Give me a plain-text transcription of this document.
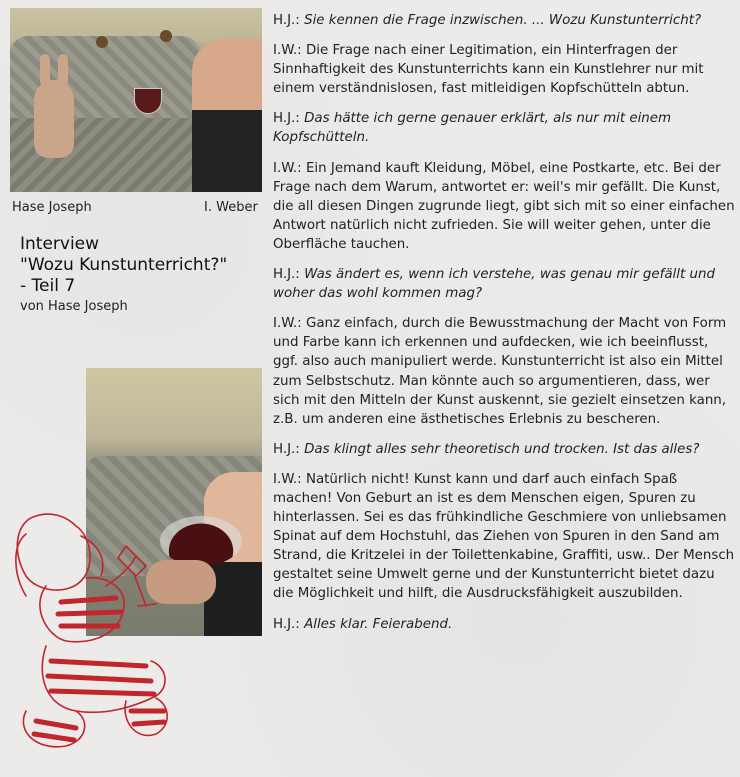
Hase Joseph	I. Weber
Interview
"Wozu Kunstunterricht?"
- Teil 7
von Hase Joseph

H.J.: Sie kennen die Frage inzwischen. ... Wozu Kunstunterricht?

I.W.: Die Frage nach einer Legitimation, ein Hinterfragen der Sinnhaftigkeit des Kunstunterrichts kann ein Kunstlehrer nur mit einem verständnislosen, fast mitleidigen Kopfschütteln abtun.

H.J.: Das hätte ich gerne genauer erklärt, als nur mit einem Kopfschütteln.

I.W.: Ein Jemand kauft Kleidung, Möbel, eine Postkarte, etc. Bei der Frage nach dem Warum, antwortet er: weil's mir gefällt. Die Kunst, die all diesen Dingen zugrunde liegt, gibt sich mit so einer einfachen Antwort natürlich nicht zufrieden. Sie will weiter gehen, unter die Oberfläche tauchen.

H.J.: Was ändert es, wenn ich verstehe, was genau mir gefällt und woher das wohl kommen mag?

I.W.: Ganz einfach, durch die Bewusstmachung der Macht von Form und Farbe kann ich erkennen und aufdecken, wie ich beeinflusst, ggf. also auch manipuliert werde. Kunstunterricht ist also ein Mittel zum Selbstschutz. Man könnte auch so argumentieren, dass, wer sich mit den Mitteln der Kunst auskennt, sie gezielt einsetzen kann, z.B. um anderen eine ästhetisches Erlebnis zu bescheren.

H.J.: Das klingt alles sehr theoretisch und trocken. Ist das alles?

I.W.: Natürlich nicht! Kunst kann und darf auch einfach Spaß machen! Von Geburt an ist es dem Menschen eigen, Spuren zu hinterlassen. Sei es das frühkindliche Geschmiere von unliebsamen Spinat auf dem Hochstuhl, das Ziehen von Spuren in den Sand am Strand, die Kritzelei in der Toilettenkabine, Graffiti, usw.. Der Mensch gestaltet seine Umwelt gerne und der Kunstunterricht bietet dazu die Möglichkeit und hilft, die Ausdrucksfähigkeit auszubilden.

H.J.: Alles klar. Feierabend.
